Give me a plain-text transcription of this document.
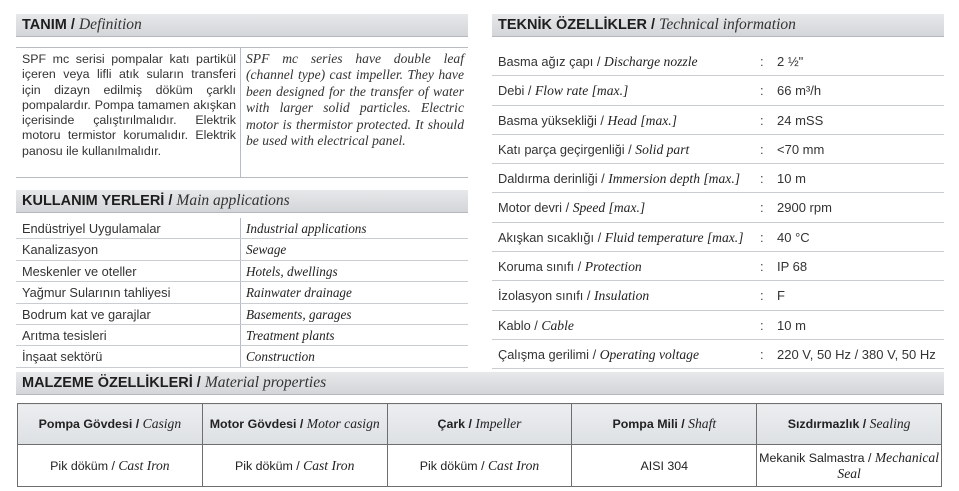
TANIM / Definition
SPF mc serisi pompalar katı partikül içeren veya lifli atık suların transferi için dizayn edilmiş döküm çarklı pompalardır. Pompa tamamen akışkan içerisinde çalıştırılmalıdır. Elektrik motoru termistor korumalıdır. Elektrik panosu ile kullanılmalıdır.
SPF mc series have double leaf (channel type) cast impeller. They have been designed for the transfer of water with larger solid particles. Electric motor is thermistor protected. It should be used with electrical panel.
KULLANIM YERLERİ / Main applications
Endüstriyel Uygulamalar	Industrial applications
Kanalizasyon	Sewage
Meskenler ve oteller	Hotels, dwellings
Yağmur Sularının tahliyesi	Rainwater drainage
Bodrum kat ve garajlar	Basements, garages
Arıtma tesisleri	Treatment plants
İnşaat sektörü	Construction
TEKNİK ÖZELLİKLER / Technical information
Basma ağız çapı / Discharge nozzle	: 2 ½"
Debi / Flow rate [max.]	: 66 m³/h
Basma yüksekliği / Head [max.]	: 24 mSS
Katı parça geçirgenliği / Solid part	: <70 mm
Daldırma derinliği / Immersion depth [max.] : 10 m
Motor devri / Speed [max.]	: 2900 rpm
Akışkan sıcaklığı / Fluid temperature [max.] : 40 °C
Koruma sınıfı / Protection	: IP 68
İzolasyon sınıfı / Insulation	: F
Kablo / Cable	: 10 m
Çalışma gerilimi / Operating voltage	: 220 V, 50 Hz / 380 V, 50 Hz
MALZEME ÖZELLİKLERİ / Material properties
Pompa Gövdesi / Casign	Motor Gövdesi / Motor casign	Çark / Impeller	Pompa Mili / Shaft	Sızdırmazlık / Sealing
Pik döküm / Cast Iron	Pik döküm / Cast Iron	Pik döküm / Cast Iron	AISI 304	Mekanik Salmastra / Mechanical Seal
